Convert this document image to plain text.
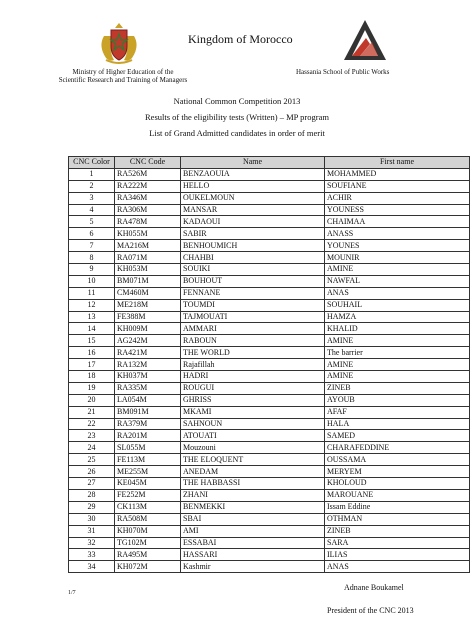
Kingdom of Morocco
Ministry of Higher Education of the
Scientific Research and Training of Managers
Hassania School of Public Works
National Common Competition 2013
Results of the eligibility tests (Written) – MP program
List of Grand Admitted candidates in order of merit
CNC Color	CNC Code	Name	First name
1	RA526M	BENZAOUIA	MOHAMMED
2	RA222M	HELLO	SOUFIANE
3	RA346M	OUKELMOUN	ACHIR
4	RA306M	MANSAR	YOUNESS
5	RA478M	KADAOUI	CHAIMAA
6	KH055M	SABIR	ANASS
7	MA216M	BENHOUMICH	YOUNES
8	RA071M	CHAHBI	MOUNIR
9	KH053M	SOUIKI	AMINE
10	BM071M	BOUHOUT	NAWFAL
11	CM460M	FENNANE	ANAS
12	ME218M	TOUMDI	SOUHAIL
13	FE388M	TAJMOUATI	HAMZA
14	KH009M	AMMARI	KHALID
15	AG242M	RABOUN	AMINE
16	RA421M	THE WORLD	The barrier
17	RA132M	Rajafillah	AMINE
18	KH037M	HADRI	AMINE
19	RA335M	ROUGUI	ZINEB
20	LA054M	GHRISS	AYOUB
21	BM091M	MKAMI	AFAF
22	RA379M	SAHNOUN	HALA
23	RA201M	ATOUATI	SAMED
24	SL055M	Mouzouni	CHARAFEDDINE
25	FE113M	THE ELOQUENT	OUSSAMA
26	ME255M	ANEDAM	MERYEM
27	KE045M	THE HABBASSI	KHOLOUD
28	FE252M	ZHANI	MAROUANE
29	CK113M	BENMEKKI	Issam Eddine
30	RA508M	SBAI	OTHMAN
31	KH070M	AMI	ZINEB
32	TG102M	ESSABAI	SARA
33	RA495M	HASSARI	ILIAS
34	KH072M	Kashmir	ANAS
1/7
Adnane Boukamel
President of the CNC 2013
